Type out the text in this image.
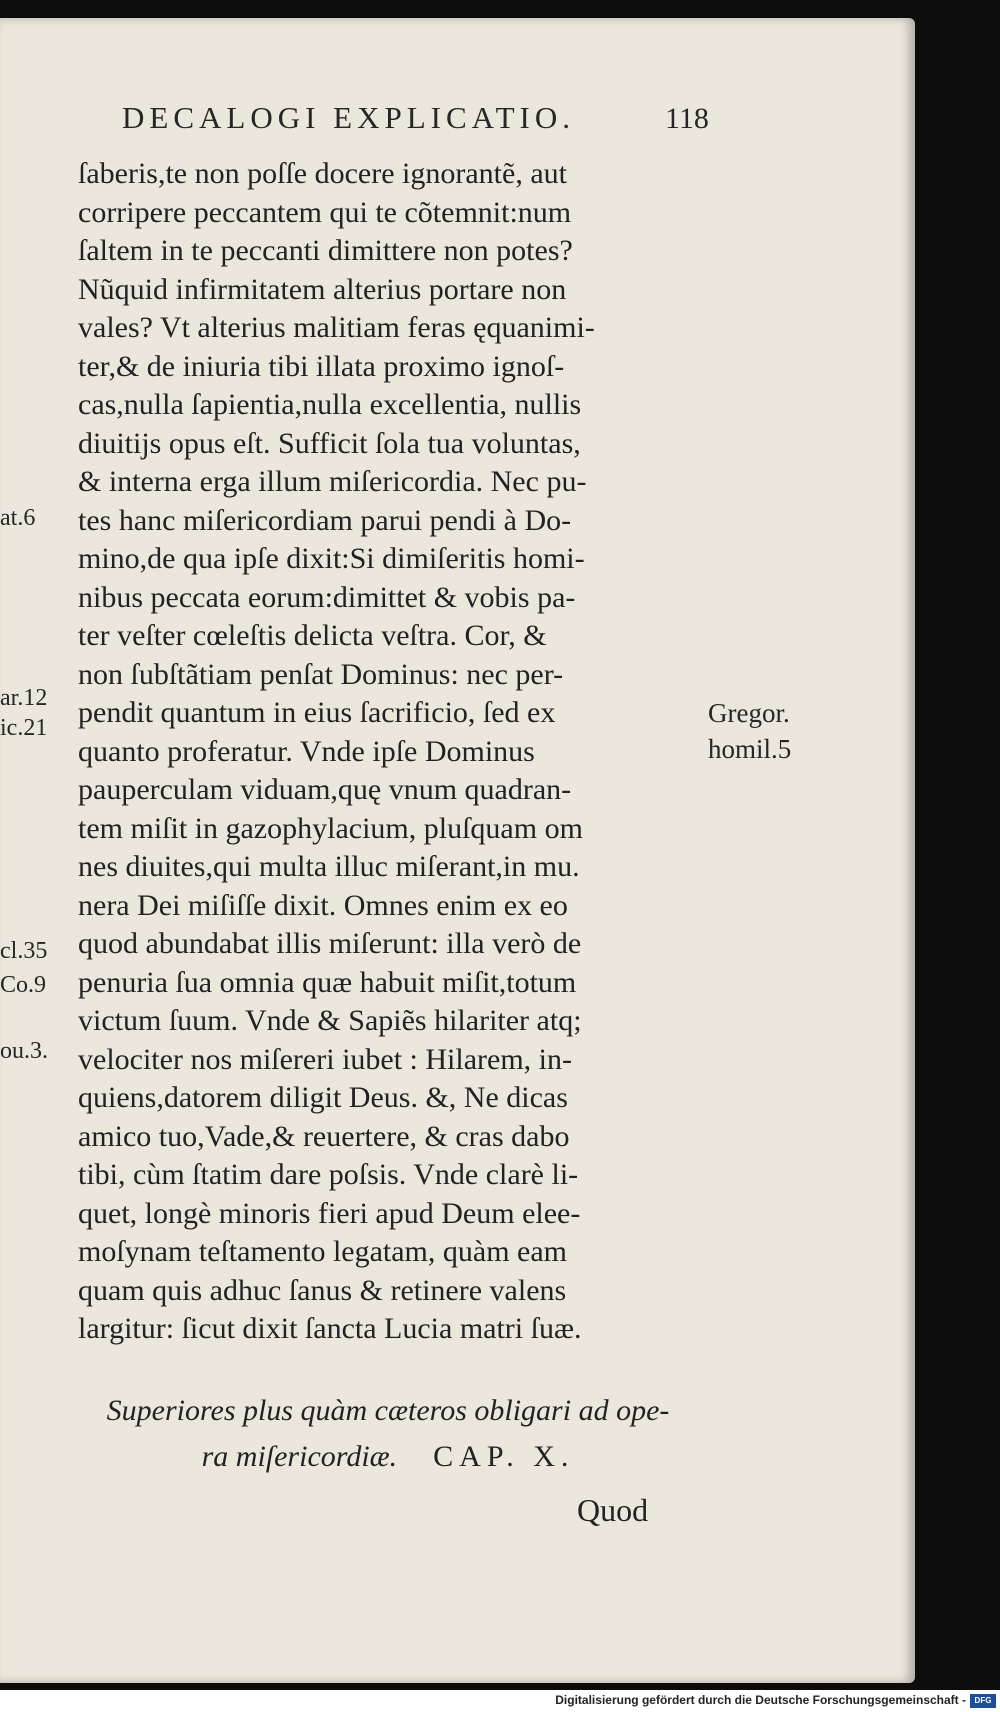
DECALOGI EXPLICATIO.	118
ſaberis,te non poſſe docere ignorantẽ, aut
corripere peccantem qui te cõtemnit:num
ſaltem in te peccanti dimittere non potes?
Nũquid infirmitatem alterius portare non
vales? Vt alterius malitiam feras ęquanimi-
ter,& de iniuria tibi illata proximo ignoſ-
cas,nulla ſapientia,nulla excellentia, nullis
diuitijs opus eſt. Sufficit ſola tua voluntas,
& interna erga illum miſericordia. Nec pu-
tes hanc miſericordiam parui pendi à Do-
mino,de qua ipſe dixit:Si dimiſeritis homi-
nibus peccata eorum:dimittet & vobis pa-
ter veſter cœleſtis delicta veſtra. Cor, &
non ſubſtãtiam penſat Dominus: nec per-
pendit quantum in eius ſacrificio, ſed ex
quanto proferatur. Vnde ipſe Dominus
pauperculam viduam,quę vnum quadran-
tem miſit in gazophylacium, pluſquam om
nes diuites,qui multa illuc miſerant,in mu.
nera Dei miſiſſe dixit. Omnes enim ex eo
quod abundabat illis miſerunt: illa verò de
penuria ſua omnia quæ habuit miſit,totum
victum ſuum. Vnde & Sapiẽs hilariter atq;
velociter nos miſereri iubet : Hilarem, in-
quiens,datorem diligit Deus. &, Ne dicas
amico tuo,Vade,& reuertere, & cras dabo
tibi, cùm ſtatim dare poſsis. Vnde clarè li-
quet, longè minoris fieri apud Deum elee-
moſynam teſtamento legatam, quàm eam
quam quis adhuc ſanus & retinere valens
largitur: ſicut dixit ſancta Lucia matri ſuæ.
at.6
ar.12
ic.21
cl.35
Co.9
ou.3.
Gregor.
homil.5
Superiores plus quàm cæteros obligari ad ope-
ra miſericordiæ. CAP. X.
Quod
Digitalisierung gefördert durch die Deutsche Forschungsgemeinschaft -	DFG
